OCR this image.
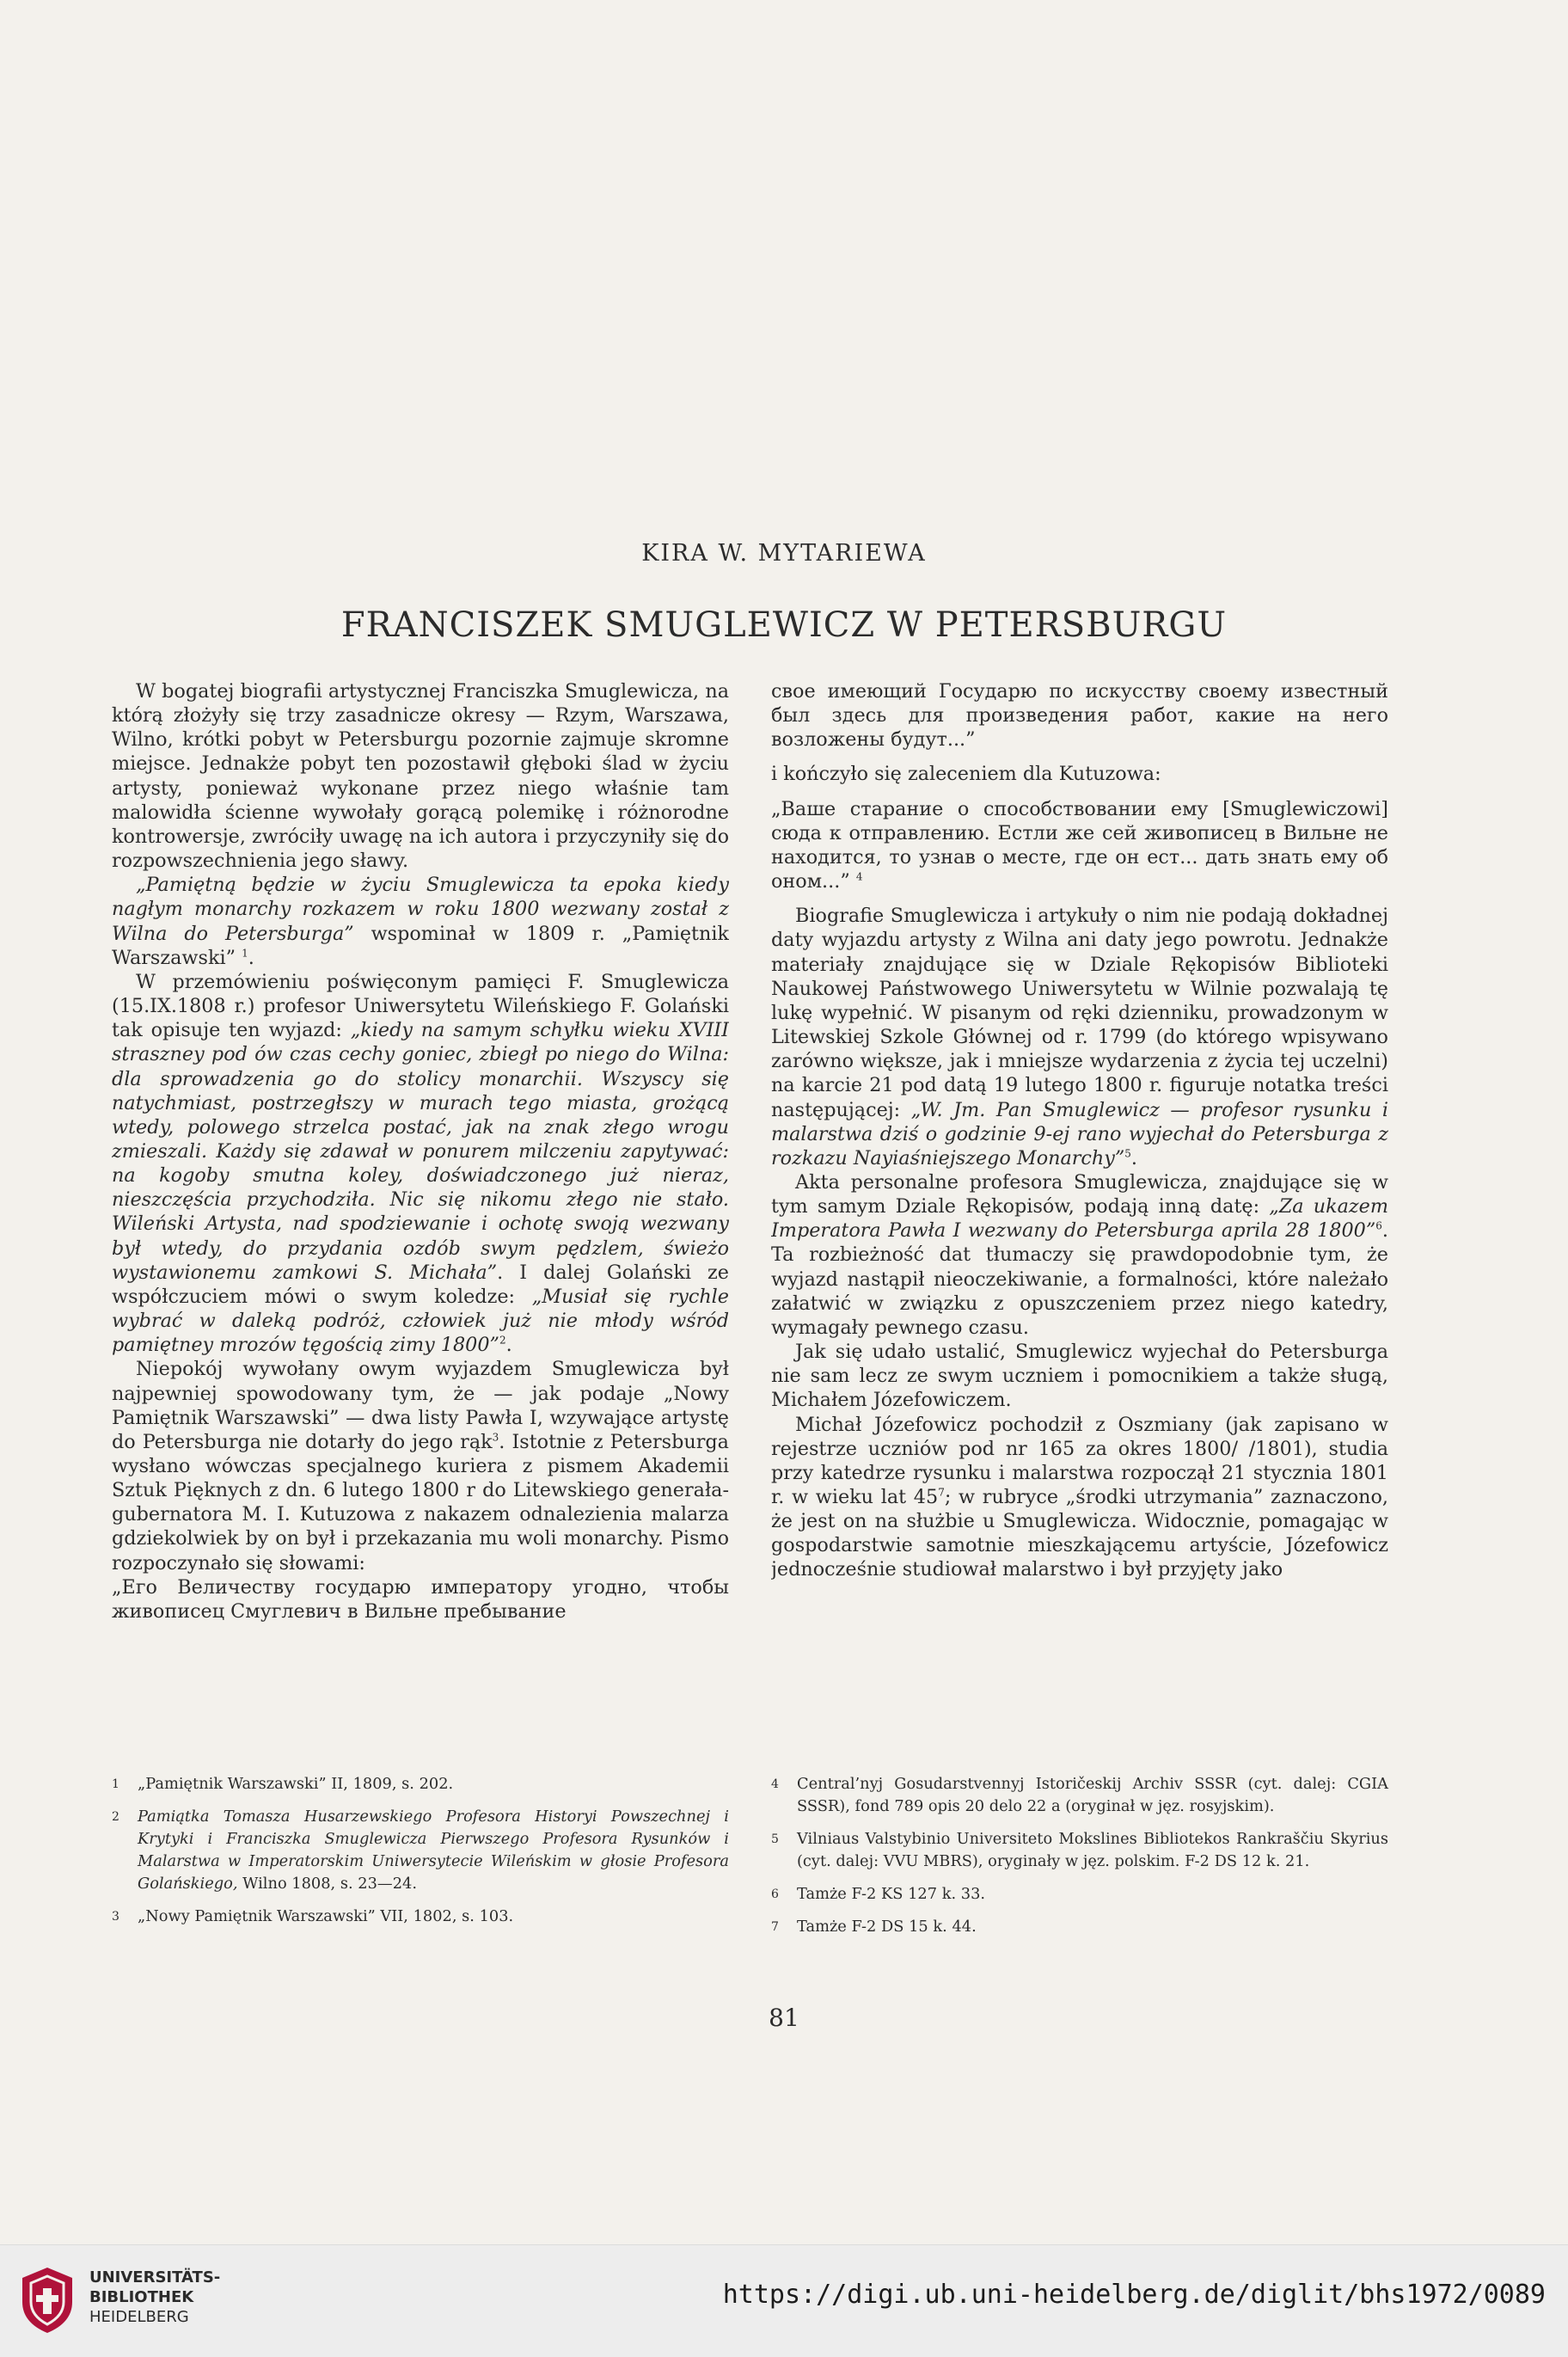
KIRA W. MYTARIEWA
FRANCISZEK SMUGLEWICZ W PETERSBURGU

W bogatej biografii artystycznej Franciszka Smuglewicza, na którą złożyły się trzy zasadnicze okresy — Rzym, Warszawa, Wilno, krótki pobyt w Petersburgu pozornie zajmuje skromne miejsce. Jednakże pobyt ten pozostawił głęboki ślad w życiu artysty, ponieważ wykonane przez niego właśnie tam malowidła ścienne wywołały gorącą polemikę i różnorodne kontrowersje, zwróciły uwagę na ich autora i przyczyniły się do rozpowszechnienia jego sławy.

„Pamiętną będzie w życiu Smuglewicza ta epoka kiedy nagłym monarchy rozkazem w roku 1800 wezwany został z Wilna do Petersburga” wspominał w 1809 r. „Pamiętnik Warszawski” $^1$.

W przemówieniu poświęconym pamięci F. Smuglewicza (15.IX.1808 r.) profesor Uniwersytetu Wileńskiego F. Golański tak opisuje ten wyjazd: „kiedy na samym schyłku wieku XVIII straszney pod ów czas cechy goniec, zbiegł po niego do Wilna: dla sprowadzenia go do stolicy monarchii. Wszyscy się natychmiast, postrzegłszy w murach tego miasta, grożącą wtedy, polowego strzelca postać, jak na znak złego wrogu zmieszali. Każdy się zdawał w ponurem milczeniu zapytywać: na kogoby smutna koley, doświadczonego już nieraz, nieszczęścia przychodziła. Nic się nikomu złego nie stało. Wileński Artysta, nad spodziewanie i ochotę swoją wezwany był wtedy, do przydania ozdób swym pędzlem, świeżo wystawionemu zamkowi S. Michała”. I dalej Golański ze współczuciem mówi o swym koledze: „Musiał się rychle wybrać w daleką podróż, człowiek już nie młody wśród pamiętney mrozów tęgością zimy 1800”$^2$.

Niepokój wywołany owym wyjazdem Smuglewicza był najpewniej spowodowany tym, że — jak podaje „Nowy Pamiętnik Warszawski” — dwa listy Pawła I, wzywające artystę do Petersburga nie dotarły do jego rąk$^3$. Istotnie z Petersburga wysłano wówczas specjalnego kuriera z pismem Akademii Sztuk Pięknych z dn. 6 lutego 1800 r do Litewskiego generała-gubernatora M. I. Kutuzowa z nakazem odnalezienia malarza gdziekolwiek by on był i przekazania mu woli monarchy. Pismo rozpoczynało się słowami:

„Его Величеству государю императору угодно, чтобы живописец Смуглевич в Вильне пребывание

свое имеющий Государю по искусству своему известный был здесь для произведения работ, какие на него возложены будут...”

i kończyło się zaleceniem dla Kutuzowa:

„Ваше старание о способствовании ему [Smuglewiczowi] сюда к отправлению. Естли же сей живописец в Вильне не находится, то узнав о месте, где он ест... дать знать ему об оном...” $^4$

Biografie Smuglewicza i artykuły o nim nie podają dokładnej daty wyjazdu artysty z Wilna ani daty jego powrotu. Jednakże materiały znajdujące się w Dziale Rękopisów Biblioteki Naukowej Państwowego Uniwersytetu w Wilnie pozwalają tę lukę wypełnić. W pisanym od ręki dzienniku, prowadzonym w Litewskiej Szkole Głównej od r. 1799 (do którego wpisywano zarówno większe, jak i mniejsze wydarzenia z życia tej uczelni) na karcie 21 pod datą 19 lutego 1800 r. figuruje notatka treści następującej: „W. Jm. Pan Smuglewicz — profesor rysunku i malarstwa dziś o godzinie 9-ej rano wyjechał do Petersburga z rozkazu Nayiaśniejszego Monarchy”$^5$.

Akta personalne profesora Smuglewicza, znajdujące się w tym samym Dziale Rękopisów, podają inną datę: „Za ukazem Imperatora Pawła I wezwany do Petersburga aprila 28 1800”$^6$. Ta rozbieżność dat tłumaczy się prawdopodobnie tym, że wyjazd nastąpił nieoczekiwanie, a formalności, które należało załatwić w związku z opuszczeniem przez niego katedry, wymagały pewnego czasu.

Jak się udało ustalić, Smuglewicz wyjechał do Petersburga nie sam lecz ze swym uczniem i pomocnikiem a także sługą, Michałem Józefowiczem.

Michał Józefowicz pochodził z Oszmiany (jak zapisano w rejestrze uczniów pod nr 165 za okres 1800/ /1801), studia przy katedrze rysunku i malarstwa rozpoczął 21 stycznia 1801 r. w wieku lat $45^7$; w rubryce „środki utrzymania” zaznaczono, że jest on na służbie u Smuglewicza. Widocznie, pomagając w gospodarstwie samotnie mieszkającemu artyście, Józefowicz jednocześnie studiował malarstwo i był przyjęty jako

1 „Pamiętnik Warszawski” II, 1809, s. 202.

2 Pamiątka Tomasza Husarzewskiego Profesora Historyi Powszechnej i Krytyki i Franciszka Smuglewicza Pierwszego Profesora Rysunków i Malarstwa w Imperatorskim Uniwersytecie Wileńskim w głosie Profesora Golańskiego, Wilno 1808, s. 23—24.

3 „Nowy Pamiętnik Warszawski” VII, 1802, s. 103.

4 Central’nyj Gosudarstvennyj Istoričeskij Archiv SSSR (cyt. dalej: CGIA SSSR), fond 789 opis 20 delo 22 a (oryginał w jęz. rosyjskim).

5 Vilniaus Valstybinio Universiteto Mokslines Bibliotekos Rankraščiu Skyrius (cyt. dalej: VVU MBRS), oryginały w jęz. polskim. F-2 DS 12 k. 21.

6 Tamże F-2 KS 127 k. 33.

7 Tamże F-2 DS 15 k. 44.

81
UNIVERSITÄTS-
BIBLIOTHEK
HEIDELBERG
https://digi.ub.uni-heidelberg.de/diglit/bhs1972/0089
